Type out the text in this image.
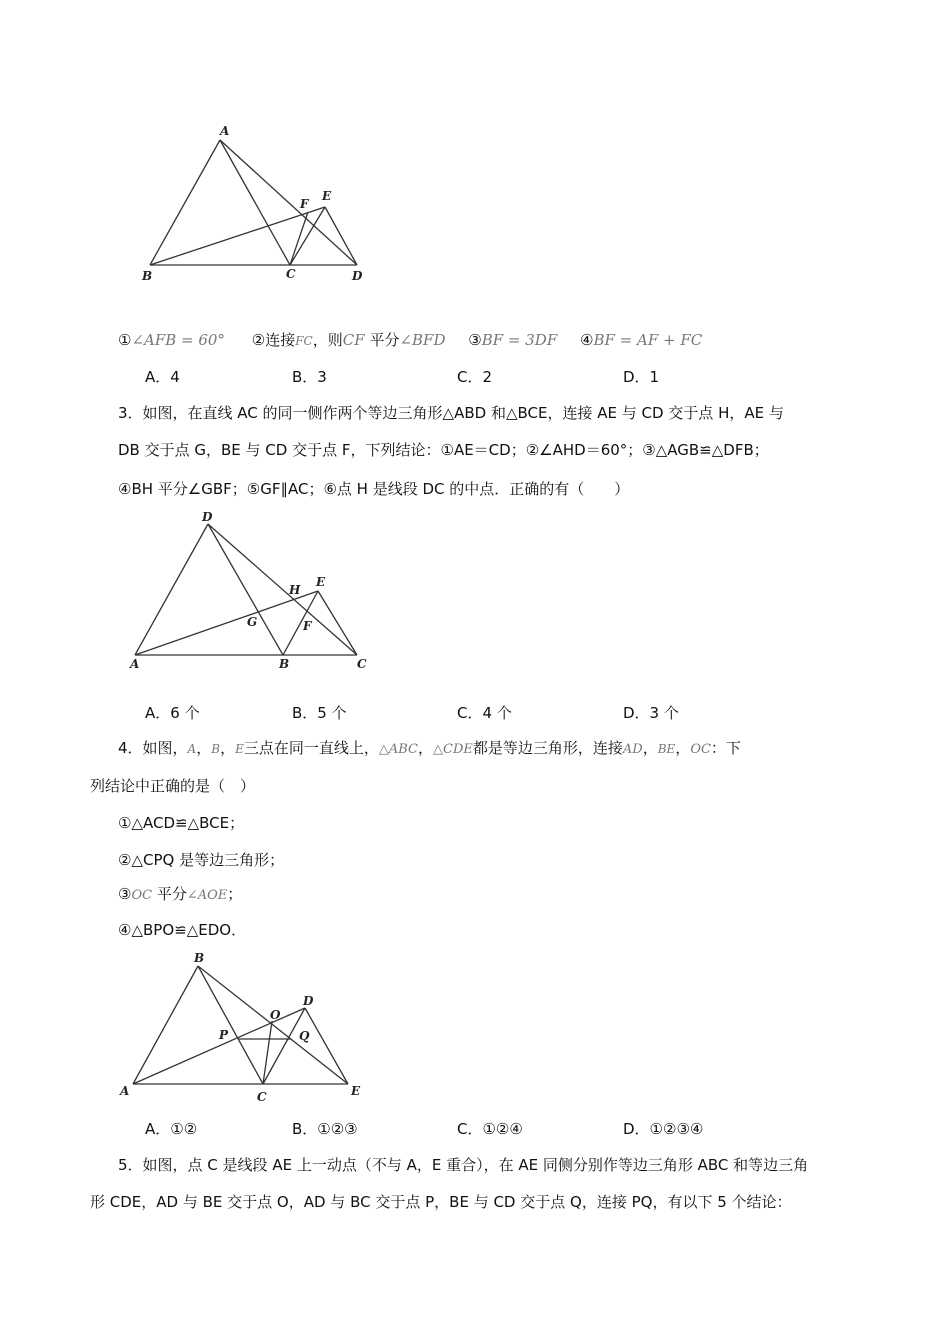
A
B	C	D
E
F
①∠AFB = 60° ②连接FC，则CF 平分∠BFD ③BF = 3DF ④BF = AF + FC
A．4	B．3	C．2	D．1
3．如图，在直线 AC 的同一侧作两个等边三角形△ABD 和△BCE，连接 AE 与 CD 交于点 H，AE 与
DB 交于点 G，BE 与 CD 交于点 F，下列结论：①AE＝CD；②∠AHD＝60°；③△AGB≌△DFB；
④BH 平分∠GBF；⑤GF∥AC；⑥点 H 是线段 DC 的中点．正确的有（　　）
D
A	B	C
E
H
G	F
A．6 个	B．5 个	C．4 个	D．3 个
4．如图，A，B，E三点在同一直线上，△ABC，△CDE都是等边三角形，连接AD，BE，OC：下
列结论中正确的是（　）
①△ACD≌△BCE；
②△CPQ 是等边三角形；
③OC 平分∠AOE；
④△BPO≌△EDO．
B
A	C	E
D
O
P	Q
A．①②	B．①②③	C．①②④	D．①②③④
5．如图，点 C 是线段 AE 上一动点（不与 A，E 重合），在 AE 同侧分别作等边三角形 ABC 和等边三角
形 CDE，AD 与 BE 交于点 O，AD 与 BC 交于点 P，BE 与 CD 交于点 Q，连接 PQ，有以下 5 个结论：
